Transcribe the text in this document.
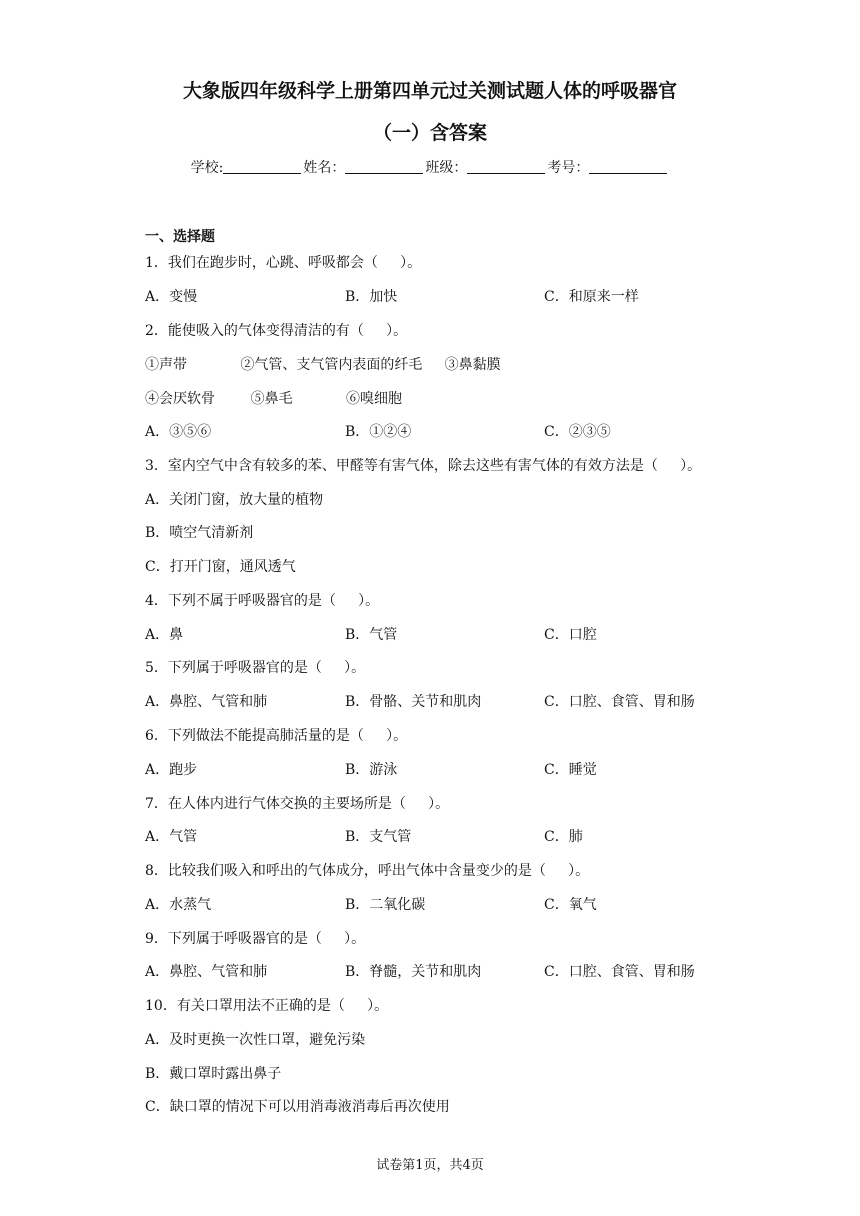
大象版四年级科学上册第四单元过关测试题人体的呼吸器官
（一）含答案
学校:	姓名：	班级：	考号：
一、选择题
1．我们在跑步时，心跳、呼吸都会（     ）。
A．变慢	B．加快	C．和原来一样
2．能使吸入的气体变得清洁的有（     ）。
①声带            ②气管、支气管内表面的纤毛     ③鼻黏膜
④会厌软骨        ⑤鼻毛            ⑥嗅细胞
A．③⑤⑥	B．①②④	C．②③⑤
3．室内空气中含有较多的苯、甲醛等有害气体，除去这些有害气体的有效方法是（     ）。
A．关闭门窗，放大量的植物
B．喷空气清新剂
C．打开门窗，通风透气
4．下列不属于呼吸器官的是（     ）。
A．鼻	B．气管	C．口腔
5．下列属于呼吸器官的是（     ）。
A．鼻腔、气管和肺	B．骨骼、关节和肌肉	C．口腔、食管、胃和肠
6．下列做法不能提高肺活量的是（     ）。
A．跑步	B．游泳	C．睡觉
7．在人体内进行气体交换的主要场所是（     ）。
A．气管	B．支气管	C．肺
8．比较我们吸入和呼出的气体成分，呼出气体中含量变少的是（     ）。
A．水蒸气	B．二氧化碳	C．氧气
9．下列属于呼吸器官的是（     ）。
A．鼻腔、气管和肺	B．脊髓，关节和肌肉	C．口腔、食管、胃和肠
10．有关口罩用法不正确的是（     ）。
A．及时更换一次性口罩，避免污染
B．戴口罩时露出鼻子
C．缺口罩的情况下可以用消毒液消毒后再次使用
试卷第1页，共4页
